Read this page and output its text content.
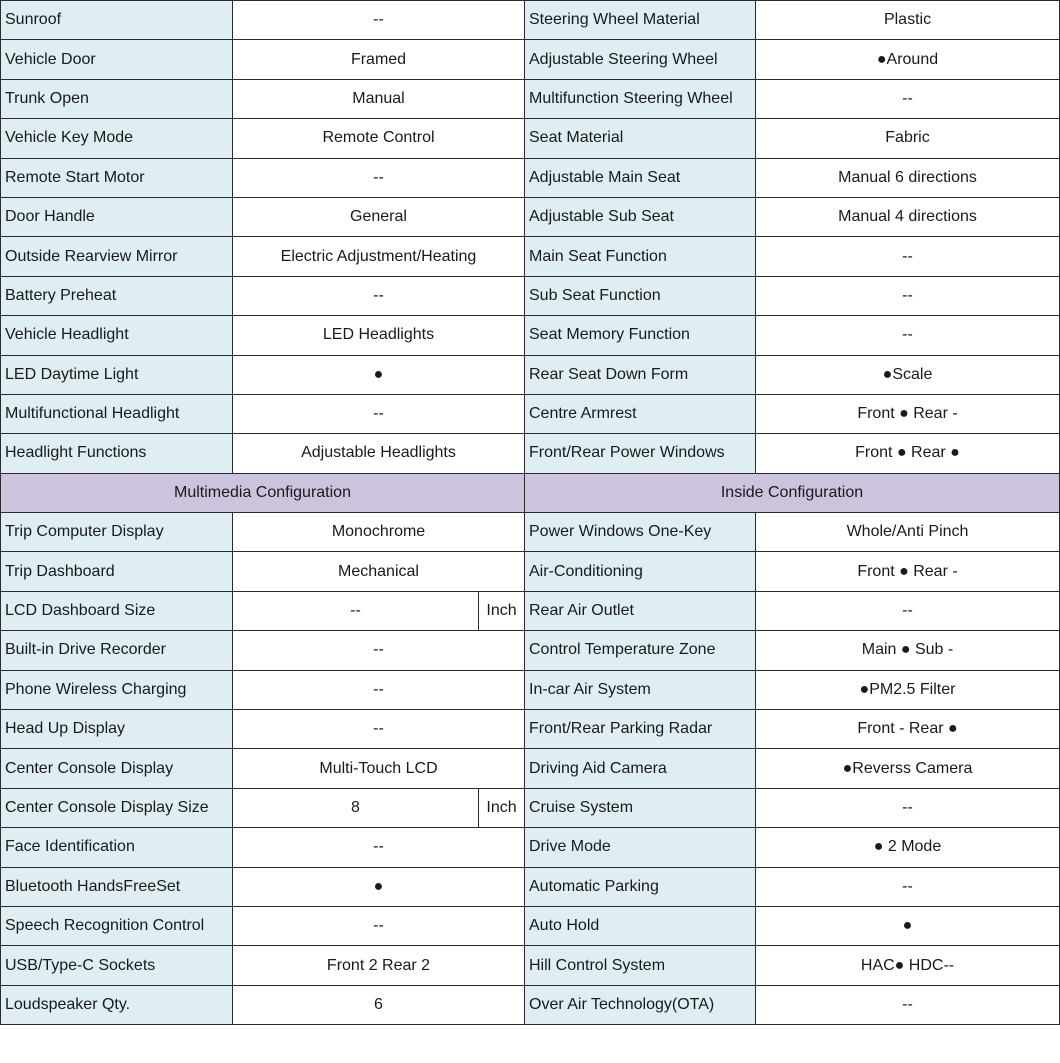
Sunroof	--		Steering Wheel Material	Plastic
Vehicle Door	Framed		Adjustable Steering Wheel	●Around
Trunk Open	Manual		Multifunction Steering Wheel	--
Vehicle Key Mode	Remote Control		Seat Material	Fabric
Remote Start Motor	--		Adjustable Main Seat	Manual 6 directions
Door Handle	General		Adjustable Sub Seat	Manual 4 directions
Outside Rearview Mirror	Electric Adjustment/Heating		Main Seat Function	--
Battery Preheat	--		Sub Seat Function	--
Vehicle Headlight	LED Headlights		Seat Memory Function	--
LED Daytime Light	●		Rear Seat Down Form	●Scale
Multifunctional Headlight	--		Centre Armrest	Front ● Rear -
Headlight Functions	Adjustable Headlights		Front/Rear Power Windows	Front ● Rear ●
Multimedia Configuration			Inside Configuration	
Trip Computer Display	Monochrome		Power Windows One-Key	Whole/Anti Pinch
Trip Dashboard	Mechanical		Air-Conditioning	Front ● Rear -
LCD Dashboard Size	--	Inch	Rear Air Outlet	--
Built-in Drive Recorder	--		Control Temperature Zone	Main ● Sub -
Phone Wireless Charging	--		In-car Air System	●PM2.5 Filter
Head Up Display	--		Front/Rear Parking Radar	Front - Rear ●
Center Console Display	Multi-Touch LCD		Driving Aid Camera	●Reverss Camera
Center Console Display Size	8	Inch	Cruise System	--
Face Identification	--		Drive Mode	● 2 Mode
Bluetooth HandsFreeSet	●		Automatic Parking	--
Speech Recognition Control	--		Auto Hold	●
USB/Type-C Sockets	Front 2 Rear 2		Hill Control System	HAC● HDC--
Loudspeaker Qty.	6		Over Air Technology(OTA)	--
